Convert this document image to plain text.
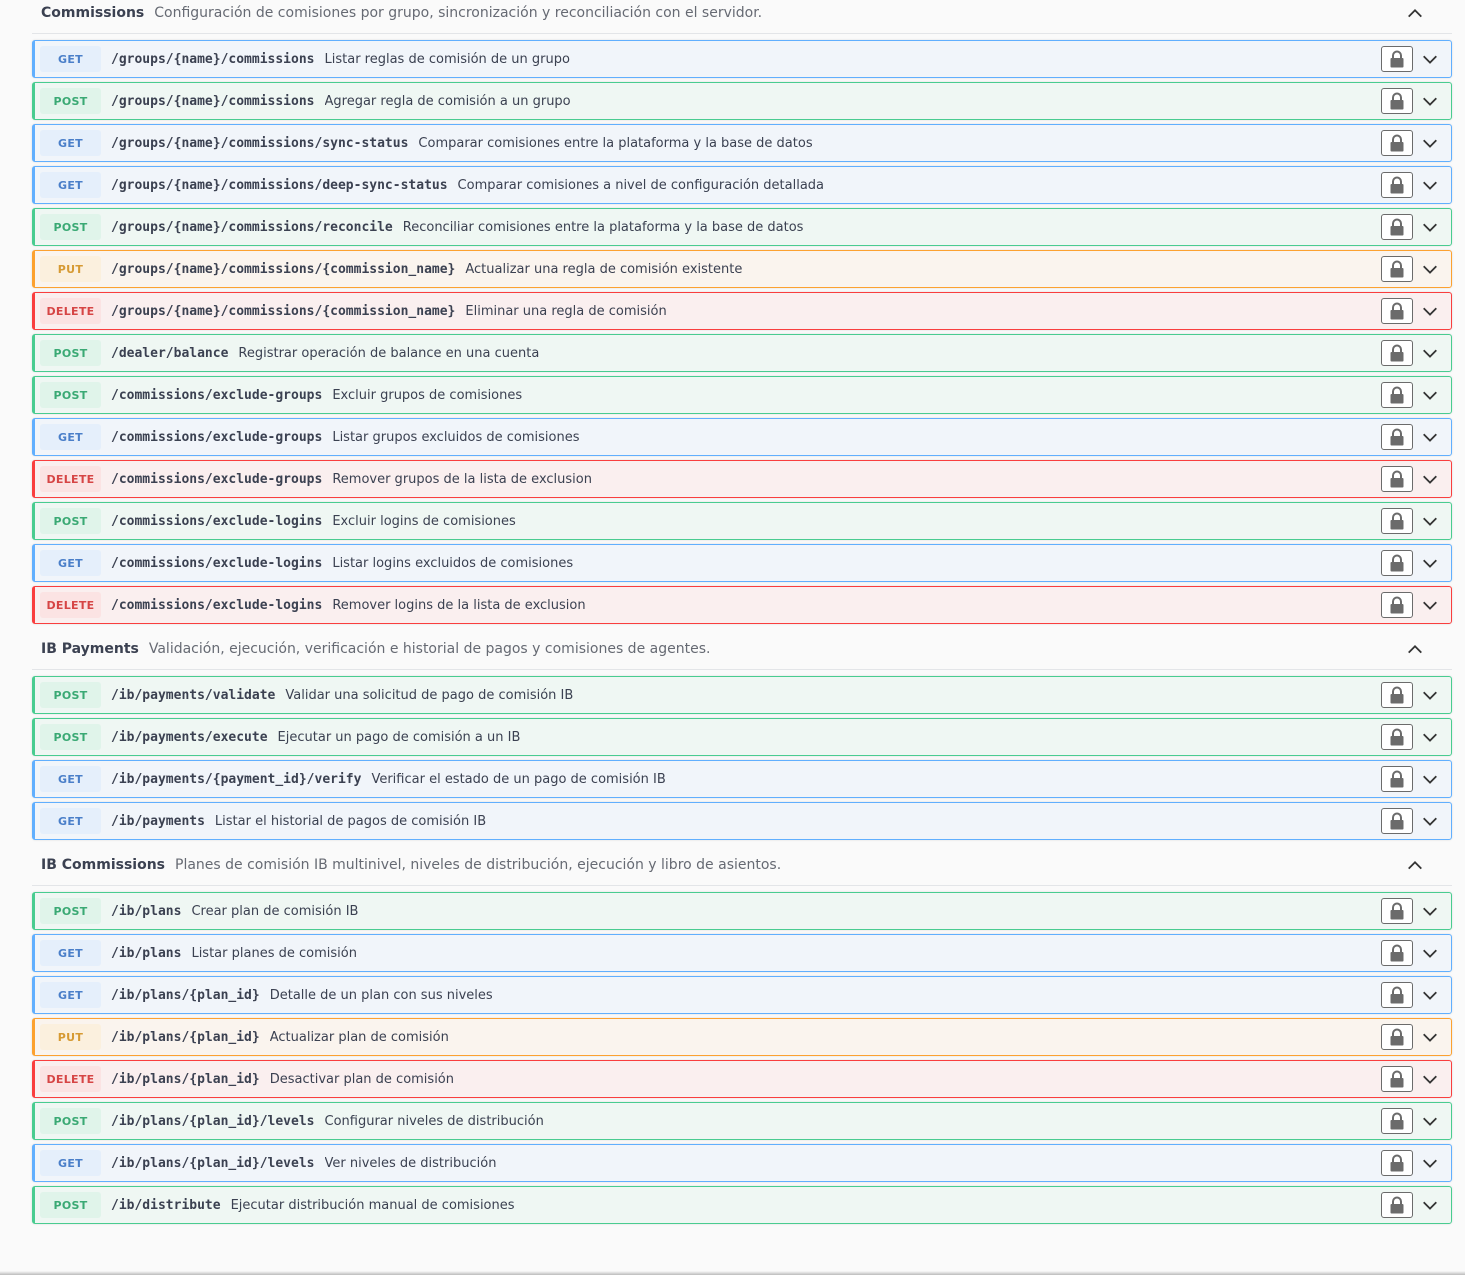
Commissions Configuración de comisiones por grupo, sincronización y reconciliación con el servidor.
GET	/groups/{name}/commissions Listar reglas de comisión de un grupo
POST	/groups/{name}/commissions Agregar regla de comisión a un grupo
GET	/groups/{name}/commissions/sync-status Comparar comisiones entre la plataforma y la base de datos
GET	/groups/{name}/commissions/deep-sync-status Comparar comisiones a nivel de configuración detallada
POST	/groups/{name}/commissions/reconcile Reconciliar comisiones entre la plataforma y la base de datos
PUT	/groups/{name}/commissions/{commission_name} Actualizar una regla de comisión existente
DELETE	/groups/{name}/commissions/{commission_name} Eliminar una regla de comisión
POST	/dealer/balance Registrar operación de balance en una cuenta
POST	/commissions/exclude-groups Excluir grupos de comisiones
GET	/commissions/exclude-groups Listar grupos excluidos de comisiones
DELETE	/commissions/exclude-groups Remover grupos de la lista de exclusion
POST	/commissions/exclude-logins Excluir logins de comisiones
GET	/commissions/exclude-logins Listar logins excluidos de comisiones
DELETE	/commissions/exclude-logins Remover logins de la lista de exclusion
IB Payments Validación, ejecución, verificación e historial de pagos y comisiones de agentes.
POST	/ib/payments/validate Validar una solicitud de pago de comisión IB
POST	/ib/payments/execute Ejecutar un pago de comisión a un IB
GET	/ib/payments/{payment_id}/verify Verificar el estado de un pago de comisión IB
GET	/ib/payments Listar el historial de pagos de comisión IB
IB Commissions Planes de comisión IB multinivel, niveles de distribución, ejecución y libro de asientos.
POST	/ib/plans Crear plan de comisión IB
GET	/ib/plans Listar planes de comisión
GET	/ib/plans/{plan_id} Detalle de un plan con sus niveles
PUT	/ib/plans/{plan_id} Actualizar plan de comisión
DELETE	/ib/plans/{plan_id} Desactivar plan de comisión
POST	/ib/plans/{plan_id}/levels Configurar niveles de distribución
GET	/ib/plans/{plan_id}/levels Ver niveles de distribución
POST	/ib/distribute Ejecutar distribución manual de comisiones
